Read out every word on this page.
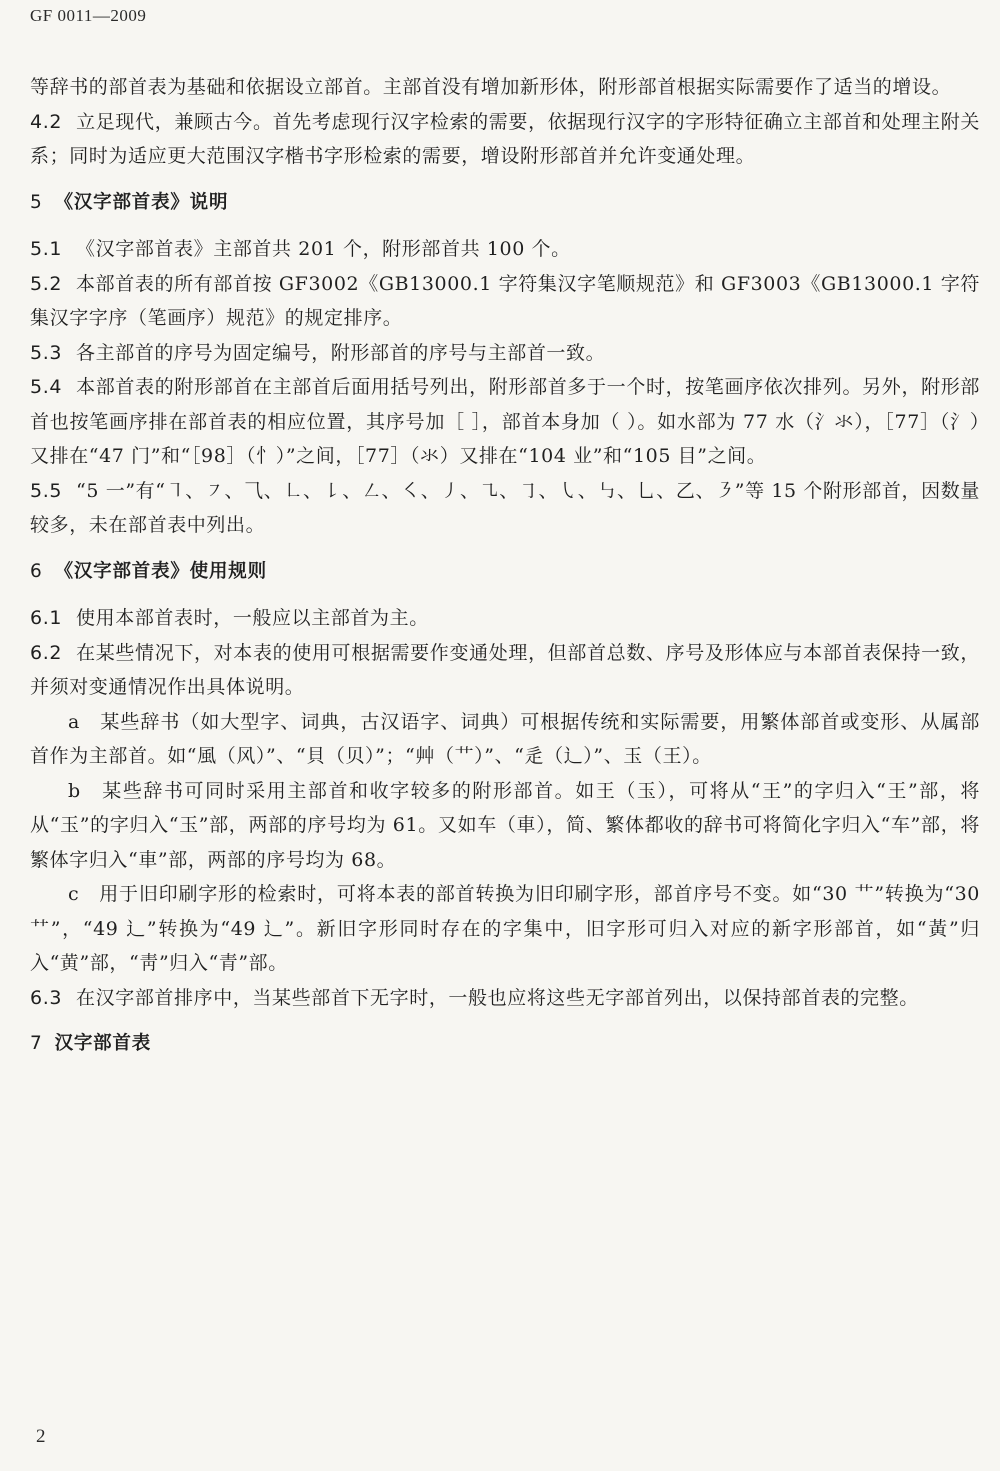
GF 0011—2009

等辞书的部首表为基础和依据设立部首。主部首没有增加新形体，附形部首根据实际需要作了适当的增设。

4.2 立足现代，兼顾古今。首先考虑现行汉字检索的需要，依据现行汉字的字形特征确立主部首和处理主附关系；同时为适应更大范围汉字楷书字形检索的需要，增设附形部首并允许变通处理。

5 《汉字部首表》说明

5.1 《汉字部首表》主部首共 201 个，附形部首共 100 个。

5.2 本部首表的所有部首按 GF3002《GB13000.1 字符集汉字笔顺规范》和 GF3003《GB13000.1 字符集汉字字序（笔画序）规范》的规定排序。

5.3 各主部首的序号为固定编号，附形部首的序号与主部首一致。

5.4 本部首表的附形部首在主部首后面用括号列出，附形部首多于一个时，按笔画序依次排列。另外，附形部首也按笔画序排在部首表的相应位置，其序号加［ ］，部首本身加（ ）。如水部为 77 水（氵氺），［77］（氵）又排在“47 门”和“［98］（忄）”之间，［77］（氺）又排在“104 业”和“105 目”之间。

5.5 “5 一”有“㇕、㇇、⺄、㇗、㇙、㇜、㇛、㇓、㇈、㇆、㇂、㇉、乚、乙、㇋”等 15 个附形部首，因数量较多，未在部首表中列出。

6 《汉字部首表》使用规则

6.1 使用本部首表时，一般应以主部首为主。

6.2 在某些情况下，对本表的使用可根据需要作变通处理，但部首总数、序号及形体应与本部首表保持一致，并须对变通情况作出具体说明。

a　某些辞书（如大型字、词典，古汉语字、词典）可根据传统和实际需要，用繁体部首或变形、从属部首作为主部首。如“風（风）”、“貝（贝）”；“艸（艹）”、“辵（辶）”、玉（王）。

b　某些辞书可同时采用主部首和收字较多的附形部首。如王（玉），可将从“王”的字归入“王”部，将从“玉”的字归入“玉”部，两部的序号均为 61。又如车（車），简、繁体都收的辞书可将简化字归入“车”部，将繁体字归入“車”部，两部的序号均为 68。

c　用于旧印刷字形的检索时，可将本表的部首转换为旧印刷字形，部首序号不变。如“30 艹”转换为“30 ⺿”，“49 辶”转换为“49 辶”。新旧字形同时存在的字集中，旧字形可归入对应的新字形部首，如“黃”归入“黄”部，“靑”归入“青”部。

6.3 在汉字部首排序中，当某些部首下无字时，一般也应将这些无字部首列出，以保持部首表的完整。

7 汉字部首表
2
